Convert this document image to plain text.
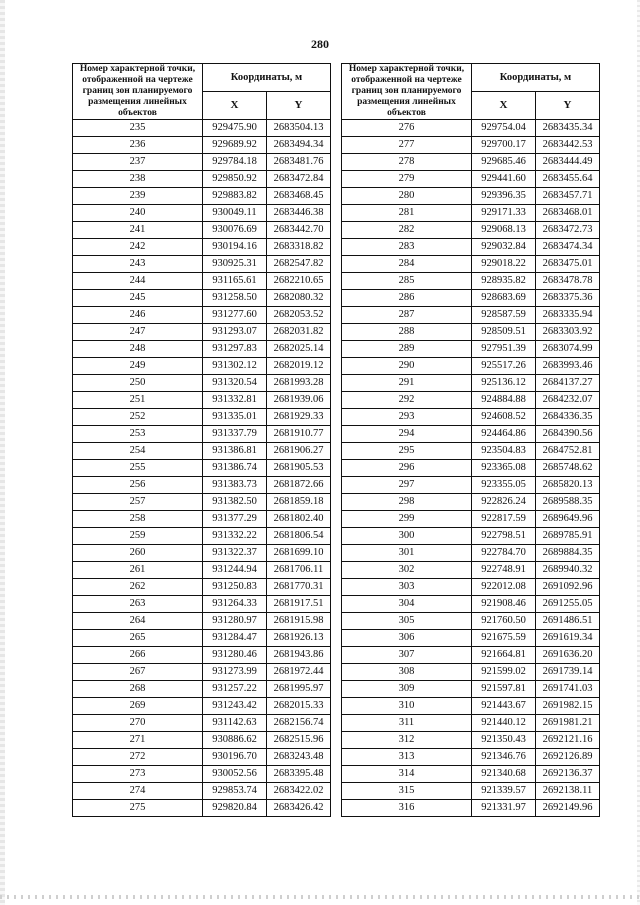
280
Номер характерной точки, отображенной на чертеже границ зон планируемого размещения линейных объектов	Координаты, м	
	X	Y
235	929475.90	2683504.13
236	929689.92	2683494.34
237	929784.18	2683481.76
238	929850.92	2683472.84
239	929883.82	2683468.45
240	930049.11	2683446.38
241	930076.69	2683442.70
242	930194.16	2683318.82
243	930925.31	2682547.82
244	931165.61	2682210.65
245	931258.50	2682080.32
246	931277.60	2682053.52
247	931293.07	2682031.82
248	931297.83	2682025.14
249	931302.12	2682019.12
250	931320.54	2681993.28
251	931332.81	2681939.06
252	931335.01	2681929.33
253	931337.79	2681910.77
254	931386.81	2681906.27
255	931386.74	2681905.53
256	931383.73	2681872.66
257	931382.50	2681859.18
258	931377.29	2681802.40
259	931332.22	2681806.54
260	931322.37	2681699.10
261	931244.94	2681706.11
262	931250.83	2681770.31
263	931264.33	2681917.51
264	931280.97	2681915.98
265	931284.47	2681926.13
266	931280.46	2681943.86
267	931273.99	2681972.44
268	931257.22	2681995.97
269	931243.42	2682015.33
270	931142.63	2682156.74
271	930886.62	2682515.96
272	930196.70	2683243.48
273	930052.56	2683395.48
274	929853.74	2683422.02
275	929820.84	2683426.42
Номер характерной точки, отображенной на чертеже границ зон планируемого размещения линейных объектов	Координаты, м	
	X	Y
276	929754.04	2683435.34
277	929700.17	2683442.53
278	929685.46	2683444.49
279	929441.60	2683455.64
280	929396.35	2683457.71
281	929171.33	2683468.01
282	929068.13	2683472.73
283	929032.84	2683474.34
284	929018.22	2683475.01
285	928935.82	2683478.78
286	928683.69	2683375.36
287	928587.59	2683335.94
288	928509.51	2683303.92
289	927951.39	2683074.99
290	925517.26	2683993.46
291	925136.12	2684137.27
292	924884.88	2684232.07
293	924608.52	2684336.35
294	924464.86	2684390.56
295	923504.83	2684752.81
296	923365.08	2685748.62
297	923355.05	2685820.13
298	922826.24	2689588.35
299	922817.59	2689649.96
300	922798.51	2689785.91
301	922784.70	2689884.35
302	922748.91	2689940.32
303	922012.08	2691092.96
304	921908.46	2691255.05
305	921760.50	2691486.51
306	921675.59	2691619.34
307	921664.81	2691636.20
308	921599.02	2691739.14
309	921597.81	2691741.03
310	921443.67	2691982.15
311	921440.12	2691981.21
312	921350.43	2692121.16
313	921346.76	2692126.89
314	921340.68	2692136.37
315	921339.57	2692138.11
316	921331.97	2692149.96
